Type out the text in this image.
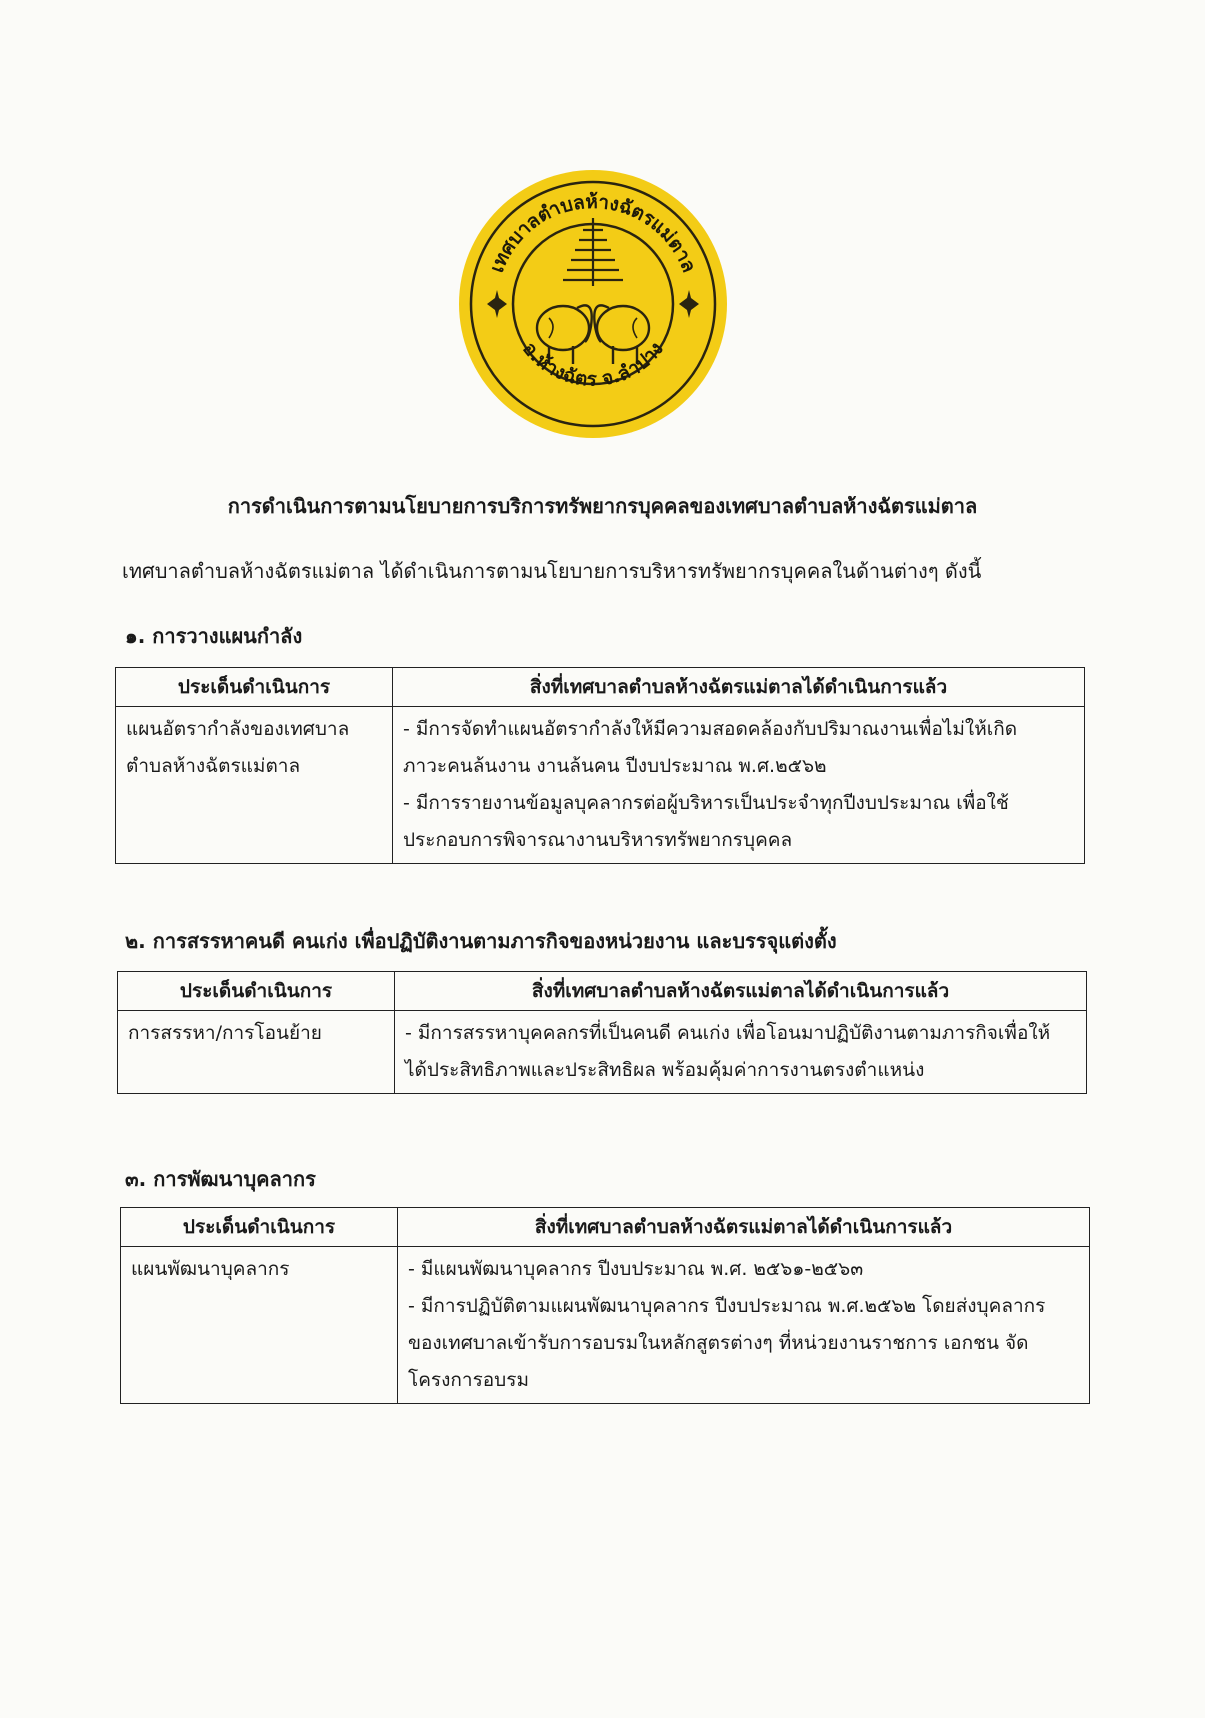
เทศบาลตำบลห้างฉัตรแม่ตาล
อ.ห้างฉัตร จ.ลำปาง
การดำเนินการตามนโยบายการบริการทรัพยากรบุคคลของเทศบาลตำบลห้างฉัตรแม่ตาล
เทศบาลตำบลห้างฉัตรแม่ตาล ได้ดำเนินการตามนโยบายการบริหารทรัพยากรบุคคลในด้านต่างๆ ดังนี้
๑. การวางแผนกำลัง
ประเด็นดำเนินการ	สิ่งที่เทศบาลตำบลห้างฉัตรแม่ตาลได้ดำเนินการแล้ว

แผนอัตรากำลังของเทศบาล
ตำบลห้างฉัตรแม่ตาล	- มีการจัดทำแผนอัตรากำลังให้มีความสอดคล้องกับปริมาณงานเพื่อไม่ให้เกิด
ภาวะคนล้นงาน งานล้นคน ปีงบประมาณ พ.ศ.๒๕๖๒
- มีการรายงานข้อมูลบุคลากรต่อผู้บริหารเป็นประจำทุกปีงบประมาณ เพื่อใช้
ประกอบการพิจารณางานบริหารทรัพยากรบุคคล
๒. การสรรหาคนดี คนเก่ง เพื่อปฏิบัติงานตามภารกิจของหน่วยงาน และบรรจุแต่งตั้ง
ประเด็นดำเนินการ	สิ่งที่เทศบาลตำบลห้างฉัตรแม่ตาลได้ดำเนินการแล้ว

การสรรหา/การโอนย้าย	- มีการสรรหาบุคคลกรที่เป็นคนดี คนเก่ง เพื่อโอนมาปฏิบัติงานตามภารกิจเพื่อให้
ได้ประสิทธิภาพและประสิทธิผล พร้อมคุ้มค่าการงานตรงตำแหน่ง
๓. การพัฒนาบุคลากร
ประเด็นดำเนินการ	สิ่งที่เทศบาลตำบลห้างฉัตรแม่ตาลได้ดำเนินการแล้ว

แผนพัฒนาบุคลากร	- มีแผนพัฒนาบุคลากร ปีงบประมาณ พ.ศ. ๒๕๖๑-๒๕๖๓
- มีการปฏิบัติตามแผนพัฒนาบุคลากร ปีงบประมาณ พ.ศ.๒๕๖๒ โดยส่งบุคลากร
ของเทศบาลเข้ารับการอบรมในหลักสูตรต่างๆ ที่หน่วยงานราชการ เอกชน จัด
โครงการอบรม
